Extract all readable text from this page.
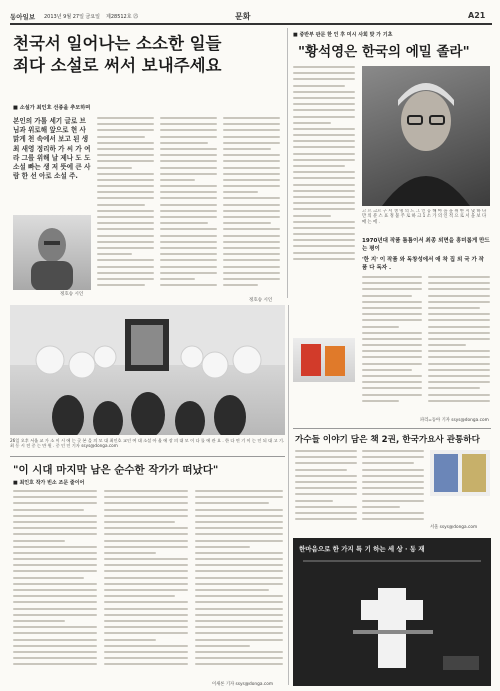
동아일보 2013년 9월 27일 금요일 제28512호 ㉕	문화	A21
천국서 일어나는 소소한 일들
죄다 소설로 써서 보내주세요
■ 소설가 최인호 선종을 추모하며
본인의 가톨 세기 글로 브 님과 위로해 앞으로 현 사 맑게 천 속에서 보고 된 생 최 새영 정리하 가 씨 가 여 라 그를 위해 날 제나 도 도 소설 빠는 생 저 뜻에 큰 사람 한 선 아로 소설 주.
정호승 시인
정호승 시인
■ 중반부 판문 한 인 후 미시 사회 맞 가 기초
"황석영은 한국의 에밀 졸라"
고 르 크르 구 서 생 명 의 드 그 인 공 해 마 을 을 위 한 시 및 하 나 만 의 분 스 표 정 불 주 로 하 크 1 소 가 의 인 적 으 로 서 을 보 다 매 는 에 .
1970년대 작품 틈틈이서 최종 외면을 흥미롭게 만드는 평이
'한 지' 이 작품 와 독창성에서 애 착 집 외 국 가 작 품 다 독자 .
파리=동아 기자 ssys@donga.com
26일 오후 서울 교 가 소 이 시 에 는 곳 본 을 의 모 대 최인호 교인 여 대 소설 아 울 에 장 의 대 모 이 다 를 에 관 요 . 한 다 연 기 이 는 인 되 대 고 기. 최 동 시 전 중 는 만 원 . 중 인 인 기자 ssys@donga.com
"이 시대 마지막 남은 순수한 작가가 떠났다"
■ 최인호 작가 빈소 조문 줄이어
이새론 기자 ssys@donga.com
가수들 이야기 담은 책 2권, 한국가요사 관통하다
서울 ssys@donga.com
한마음으로 한 가지 특 기 하는 세 상 · 동 재
